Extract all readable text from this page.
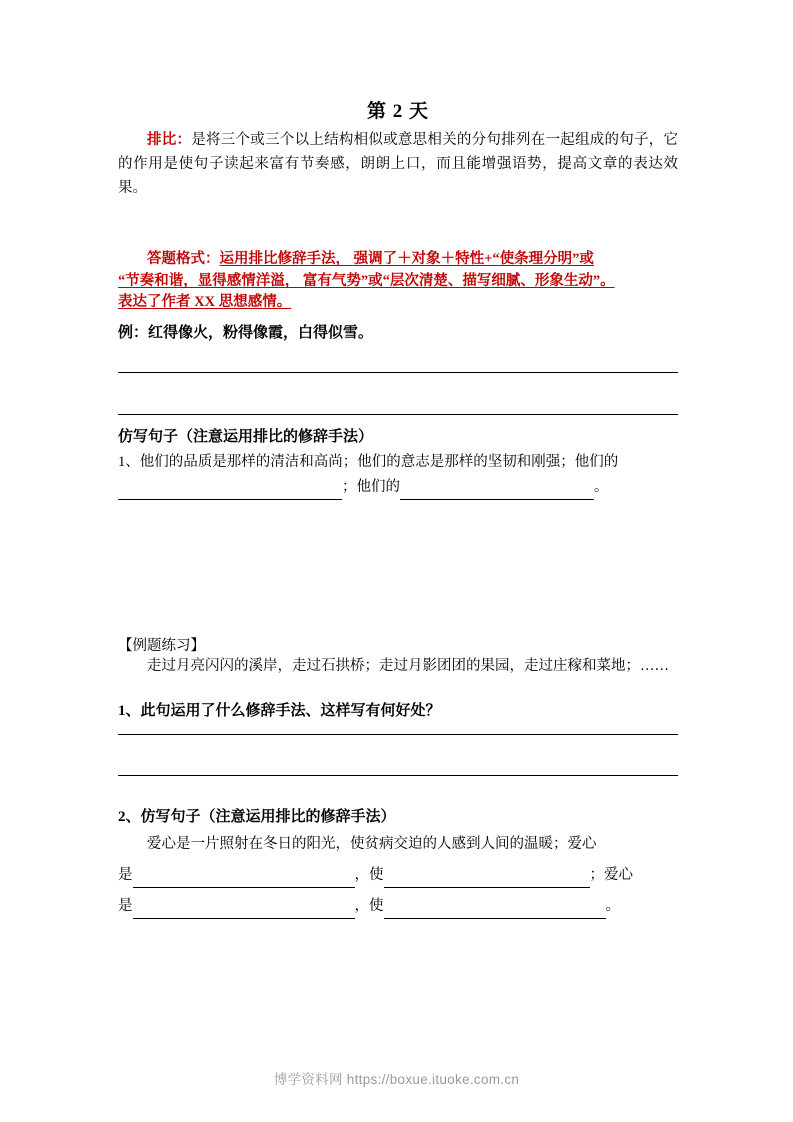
第 2 天
排比：是将三个或三个以上结构相似或意思相关的分句排列在一起组成的句子，它的作用是使句子读起来富有节奏感，朗朗上口，而且能增强语势，提高文章的表达效果。
答题格式：运用排比修辞手法， 强调了＋对象＋特性+“使条理分明”或
“节奏和谐，显得感情洋溢， 富有气势”或“层次清楚、描写细腻、形象生动”。
表达了作者 XX 思想感情。
例：红得像火，粉得像霞，白得似雪。
仿写句子（注意运用排比的修辞手法）
1、他们的品质是那样的清洁和高尚；他们的意志是那样的坚韧和刚强；他们的
；他们的	。
【例题练习】
走过月亮闪闪的溪岸，走过石拱桥；走过月影团团的果园，走过庄稼和菜地；……
1、此句运用了什么修辞手法、这样写有何好处？
2、仿写句子（注意运用排比的修辞手法）
爱心是一片照射在冬日的阳光，使贫病交迫的人感到人间的温暖；爱心
是	，使	；爱心
是	，使	。
博学资料网 https://boxue.ituoke.com.cn
